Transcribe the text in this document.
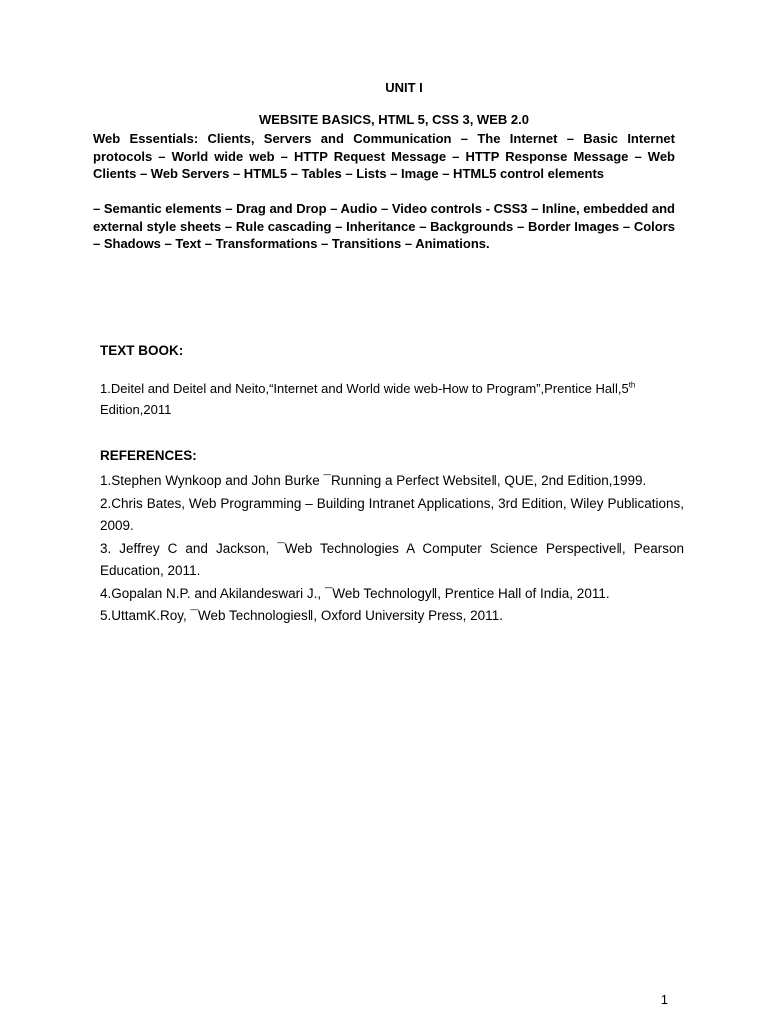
UNIT I
WEBSITE BASICS, HTML 5, CSS 3, WEB 2.0

Web Essentials: Clients, Servers and Communication – The Internet – Basic Internet protocols – World wide web – HTTP Request Message – HTTP Response Message – Web Clients – Web Servers – HTML5 – Tables – Lists – Image – HTML5 control elements

– Semantic elements – Drag and Drop – Audio – Video controls - CSS3 – Inline, embedded and external style sheets – Rule cascading – Inheritance – Backgrounds – Border Images – Colors – Shadows – Text – Transformations – Transitions – Animations.

TEXT BOOK:
1.Deitel and Deitel and Neito,“Internet and World wide web-How to Program”,Prentice Hall,5th
Edition,2011
REFERENCES:
1.Stephen Wynkoop and John Burke ¯Running a Perfect Website‖, QUE, 2nd Edition,1999.
2.Chris Bates, Web Programming – Building Intranet Applications, 3rd Edition, Wiley Publications, 2009.
3. Jeffrey C and Jackson, ¯Web Technologies A Computer Science Perspective‖, Pearson Education, 2011.
4.Gopalan N.P. and Akilandeswari J., ¯Web Technology‖, Prentice Hall of India, 2011.
5.UttamK.Roy, ¯Web Technologies‖, Oxford University Press, 2011.
1
